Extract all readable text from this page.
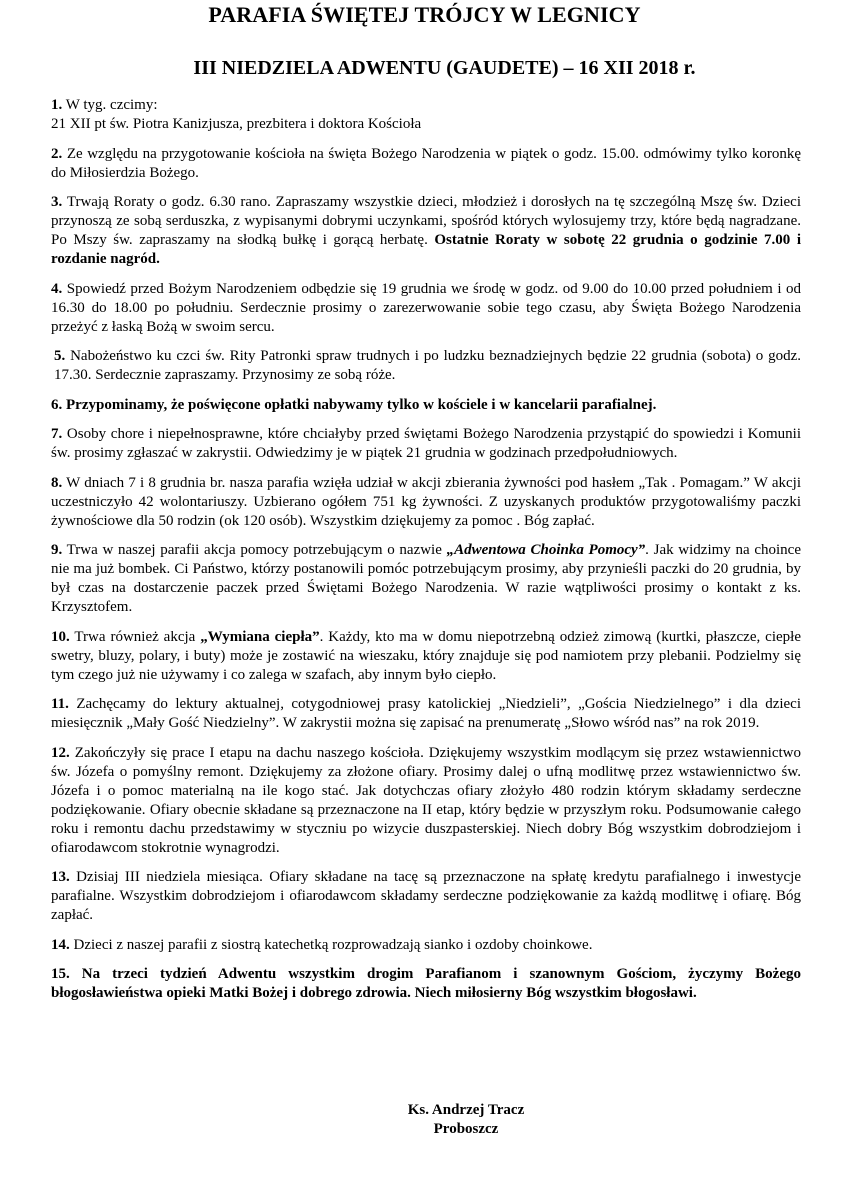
PARAFIA ŚWIĘTEJ TRÓJCY W LEGNICY
III NIEDZIELA ADWENTU (GAUDETE) – 16 XII 2018 r.
1. W tyg. czcimy:
21 XII pt św. Piotra Kanizjusza, prezbitera i doktora Kościoła
2. Ze względu na przygotowanie kościoła na święta Bożego Narodzenia w piątek o godz. 15.00. odmówimy tylko koronkę do Miłosierdzia Bożego.
3. Trwają Roraty o godz. 6.30 rano. Zapraszamy wszystkie dzieci, młodzież i dorosłych na tę szczególną Mszę św. Dzieci przynoszą ze sobą serduszka, z wypisanymi dobrymi uczynkami, spośród których wylosujemy trzy, które będą nagradzane. Po Mszy św. zapraszamy na słodką bułkę i gorącą herbatę. Ostatnie Roraty w sobotę 22 grudnia o godzinie 7.00 i rozdanie nagród.
4. Spowiedź przed Bożym Narodzeniem odbędzie się 19 grudnia we środę w godz. od 9.00 do 10.00 przed południem i od 16.30 do 18.00 po południu. Serdecznie prosimy o zarezerwowanie sobie tego czasu, aby Święta Bożego Narodzenia przeżyć z łaską Bożą w swoim sercu.
5. Nabożeństwo ku czci św. Rity Patronki spraw trudnych i po ludzku beznadziejnych będzie 22 grudnia (sobota) o godz. 17.30. Serdecznie zapraszamy. Przynosimy ze sobą róże.
6. Przypominamy, że poświęcone opłatki nabywamy tylko w kościele i w kancelarii parafialnej.
7. Osoby chore i niepełnosprawne, które chciałyby przed świętami Bożego Narodzenia przystąpić do spowiedzi i Komunii św. prosimy zgłaszać w zakrystii. Odwiedzimy je w piątek 21 grudnia w godzinach przedpołudniowych.
8. W dniach 7 i 8 grudnia br. nasza parafia wzięła udział w akcji zbierania żywności pod hasłem „Tak . Pomagam.” W akcji uczestniczyło 42 wolontariuszy. Uzbierano ogółem 751 kg żywności. Z uzyskanych produktów przygotowaliśmy paczki żywnościowe dla 50 rodzin (ok 120 osób). Wszystkim dziękujemy za pomoc . Bóg zapłać.
9. Trwa w naszej parafii akcja pomocy potrzebującym o nazwie „Adwentowa Choinka Pomocy”. Jak widzimy na choince nie ma już bombek. Ci Państwo, którzy postanowili pomóc potrzebującym prosimy, aby przynieśli paczki do 20 grudnia, by był czas na dostarczenie paczek przed Świętami Bożego Narodzenia. W razie wątpliwości prosimy o kontakt z ks. Krzysztofem.
10. Trwa również akcja „Wymiana ciepła”. Każdy, kto ma w domu niepotrzebną odzież zimową (kurtki, płaszcze, ciepłe swetry, bluzy, polary, i buty) może je zostawić na wieszaku, który znajduje się pod namiotem przy plebanii. Podzielmy się tym czego już nie używamy i co zalega w szafach, aby innym było ciepło.
11. Zachęcamy do lektury aktualnej, cotygodniowej prasy katolickiej „Niedzieli”, „Gościa Niedzielnego” i dla dzieci miesięcznik „Mały Gość Niedzielny”. W zakrystii można się zapisać na prenumeratę „Słowo wśród nas” na rok 2019.
12. Zakończyły się prace I etapu na dachu naszego kościoła. Dziękujemy wszystkim modlącym się przez wstawiennictwo św. Józefa o pomyślny remont. Dziękujemy za złożone ofiary. Prosimy dalej o ufną modlitwę przez wstawiennictwo św. Józefa i o pomoc materialną na ile kogo stać. Jak dotychczas ofiary złożyło 480 rodzin którym składamy serdeczne podziękowanie. Ofiary obecnie składane są przeznaczone na II etap, który będzie w przyszłym roku. Podsumowanie całego roku i remontu dachu przedstawimy w styczniu po wizycie duszpasterskiej. Niech dobry Bóg wszystkim dobrodziejom i ofiarodawcom stokrotnie wynagrodzi.
13. Dzisiaj III niedziela miesiąca. Ofiary składane na tacę są przeznaczone na spłatę kredytu parafialnego i inwestycje parafialne. Wszystkim dobrodziejom i ofiarodawcom składamy serdeczne podziękowanie za każdą modlitwę i ofiarę. Bóg zapłać.
14. Dzieci z naszej parafii z siostrą katechetką rozprowadzają sianko i ozdoby choinkowe.
15. Na trzeci tydzień Adwentu wszystkim drogim Parafianom i szanownym Gościom, życzymy Bożego błogosławieństwa opieki Matki Bożej i dobrego zdrowia. Niech miłosierny Bóg wszystkim błogosławi.
Ks. Andrzej Tracz
Proboszcz
